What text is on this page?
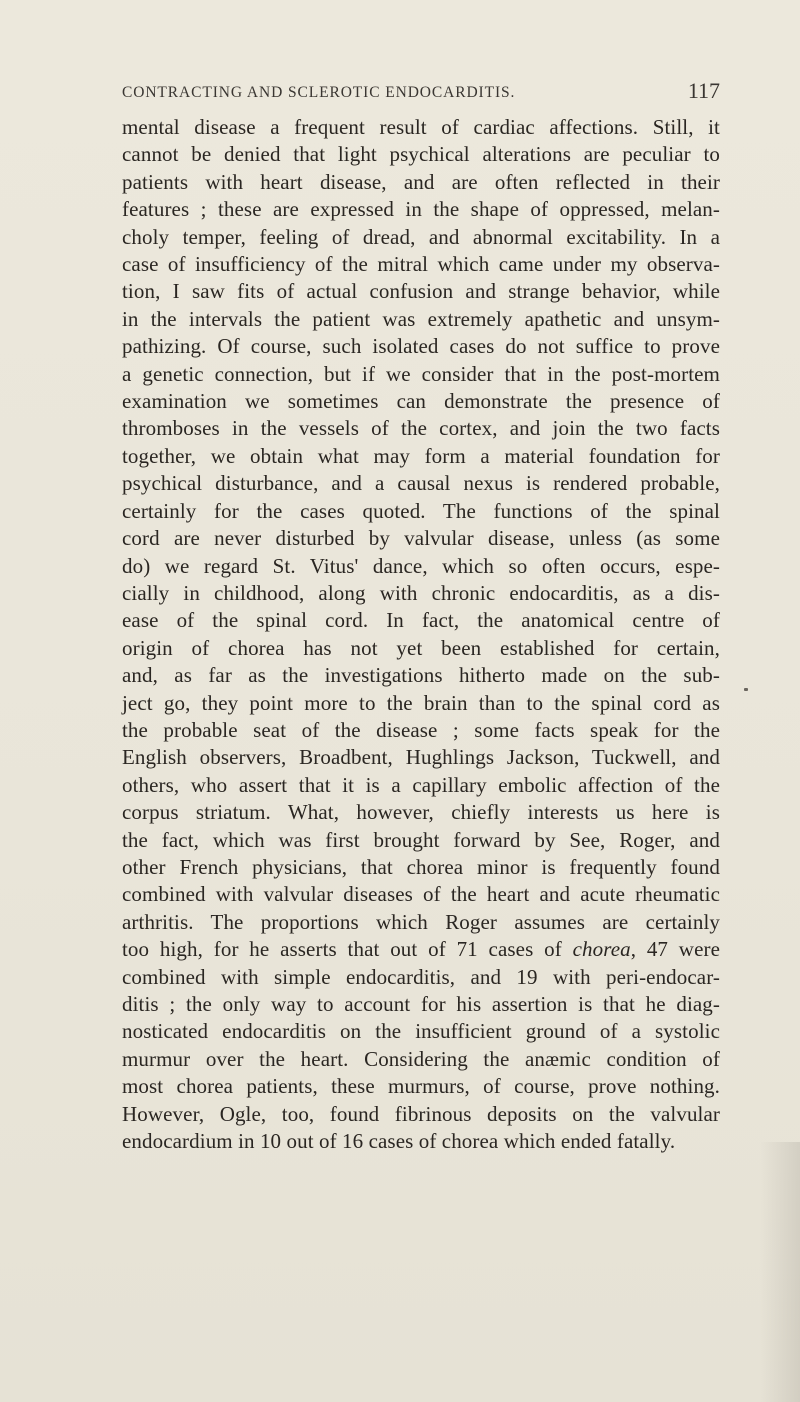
CONTRACTING AND SCLEROTIC ENDOCARDITIS.	117
mental disease a frequent result of cardiac affections. Still, it
cannot be denied that light psychical alterations are peculiar to
patients with heart disease, and are often reflected in their
features ; these are expressed in the shape of oppressed, melan-
choly temper, feeling of dread, and abnormal excitability. In a
case of insufficiency of the mitral which came under my observa-
tion, I saw fits of actual confusion and strange behavior, while
in the intervals the patient was extremely apathetic and unsym-
pathizing. Of course, such isolated cases do not suffice to prove
a genetic connection, but if we consider that in the post-mortem
examination we sometimes can demonstrate the presence of
thromboses in the vessels of the cortex, and join the two facts
together, we obtain what may form a material foundation for
psychical disturbance, and a causal nexus is rendered probable,
certainly for the cases quoted. The functions of the spinal
cord are never disturbed by valvular disease, unless (as some
do) we regard St. Vitus' dance, which so often occurs, espe-
cially in childhood, along with chronic endocarditis, as a dis-
ease of the spinal cord. In fact, the anatomical centre of
origin of chorea has not yet been established for certain,
and, as far as the investigations hitherto made on the sub-
ject go, they point more to the brain than to the spinal cord as
the probable seat of the disease ; some facts speak for the
English observers, Broadbent, Hughlings Jackson, Tuckwell, and
others, who assert that it is a capillary embolic affection of the
corpus striatum. What, however, chiefly interests us here is
the fact, which was first brought forward by See, Roger, and
other French physicians, that chorea minor is frequently found
combined with valvular diseases of the heart and acute rheumatic
arthritis. The proportions which Roger assumes are certainly
too high, for he asserts that out of 71 cases of chorea, 47 were
combined with simple endocarditis, and 19 with peri-endocar-
ditis ; the only way to account for his assertion is that he diag-
nosticated endocarditis on the insufficient ground of a systolic
murmur over the heart. Considering the anæmic condition of
most chorea patients, these murmurs, of course, prove nothing.
However, Ogle, too, found fibrinous deposits on the valvular
endocardium in 10 out of 16 cases of chorea which ended fatally.
